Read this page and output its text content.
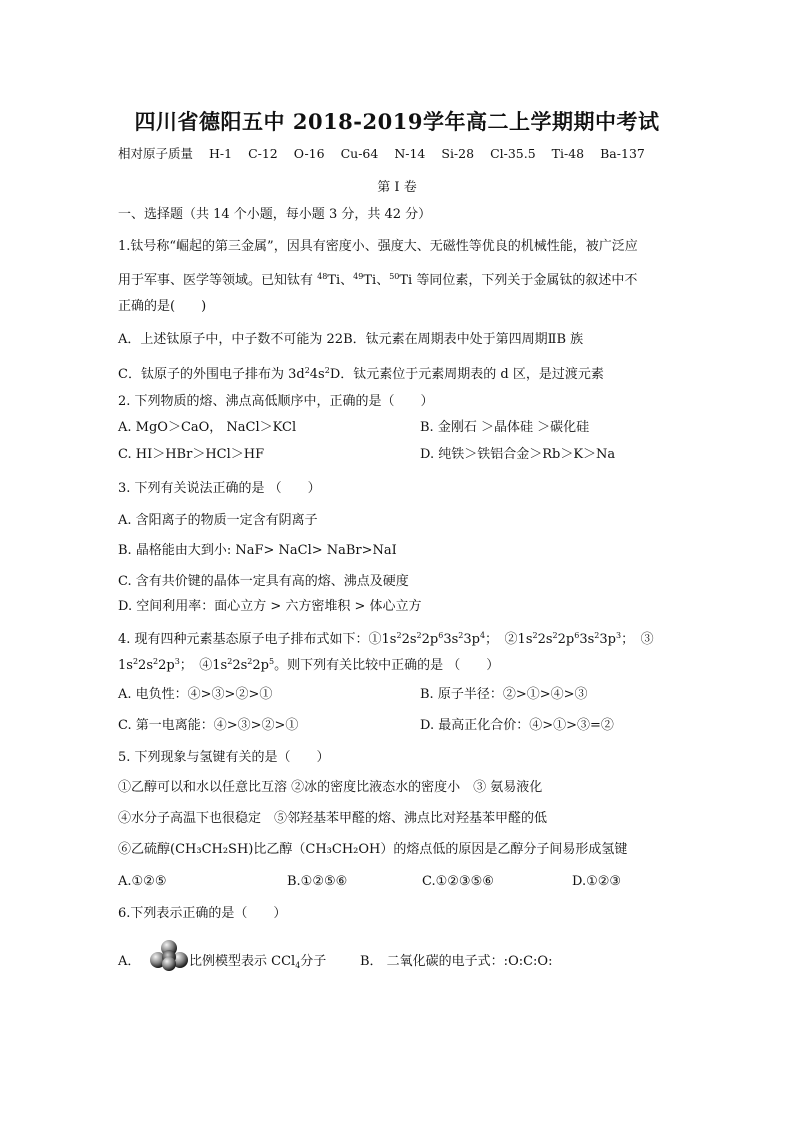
四川省德阳五中 2018-2019学年高二上学期期中考试
相对原子质量 H-1 C-12 O-16 Cu-64 N-14 Si-28 Cl-35.5 Ti-48 Ba-137
第 I 卷
一、选择题（共 14 个小题，每小题 3 分，共 42 分）
1.钛号称“崛起的第三金属”，因具有密度小、强度大、无磁性等优良的机械性能，被广泛应
用于军事、医学等领域。已知钛有 $^{48}$Ti、$^{49}$Ti、$^{50}$Ti 等同位素，下列关于金属钛的叙述中不
正确的是(　　)
A．上述钛原子中，中子数不可能为 22B．钛元素在周期表中处于第四周期ⅡB 族
C．钛原子的外围电子排布为 $3d^24s^2D$．钛元素位于元素周期表的 d 区，是过渡元素
2. 下列物质的熔、沸点高低顺序中，正确的是（　　）
A. MgO＞CaO， NaCl＞KCl	B. 金刚石 ＞晶体硅 ＞碳化硅
C. HI＞HBr＞HCl＞HF	D. 纯铁＞铁铝合金＞Rb＞K＞Na
3. 下列有关说法正确的是 （　　）
A. 含阳离子的物质一定含有阴离子
B. 晶格能由大到小: NaF> NaCl> NaBr>NaI
C. 含有共价键的晶体一定具有高的熔、沸点及硬度
D. 空间利用率：面心立方 > 六方密堆积 > 体心立方
4. 现有四种元素基态原子电子排布式如下：$①1s^22s^22p^63s^23p^4$；　$②1s^22s^22p^63s^23p^3$；　③
$1s^22s^22p^3$；　$④1s^22s^22p^5$。则下列有关比较中正确的是 （　　）
A. 电负性：④>③>②>①	B. 原子半径：②>①>④>③
C. 第一电离能：④>③>②>①	D. 最高正化合价：④>①>③=②
5. 下列现象与氢键有关的是（　　）
①乙醇可以和水以任意比互溶 ②冰的密度比液态水的密度小　③ 氨易液化
④水分子高温下也很稳定　⑤邻羟基苯甲醛的熔、沸点比对羟基苯甲醛的低
⑥乙硫醇(CH₃CH₂SH)比乙醇（CH₃CH₂OH）的熔点低的原因是乙醇分子间易形成氢键
A.①②⑤	B.①②⑤⑥	C.①②③⑤⑥	D.①②③
6.下列表示正确的是（　　）
A．	比例模型表示 CCl$_4$分子	B． 二氧化碳的电子式：:O:C:O:
